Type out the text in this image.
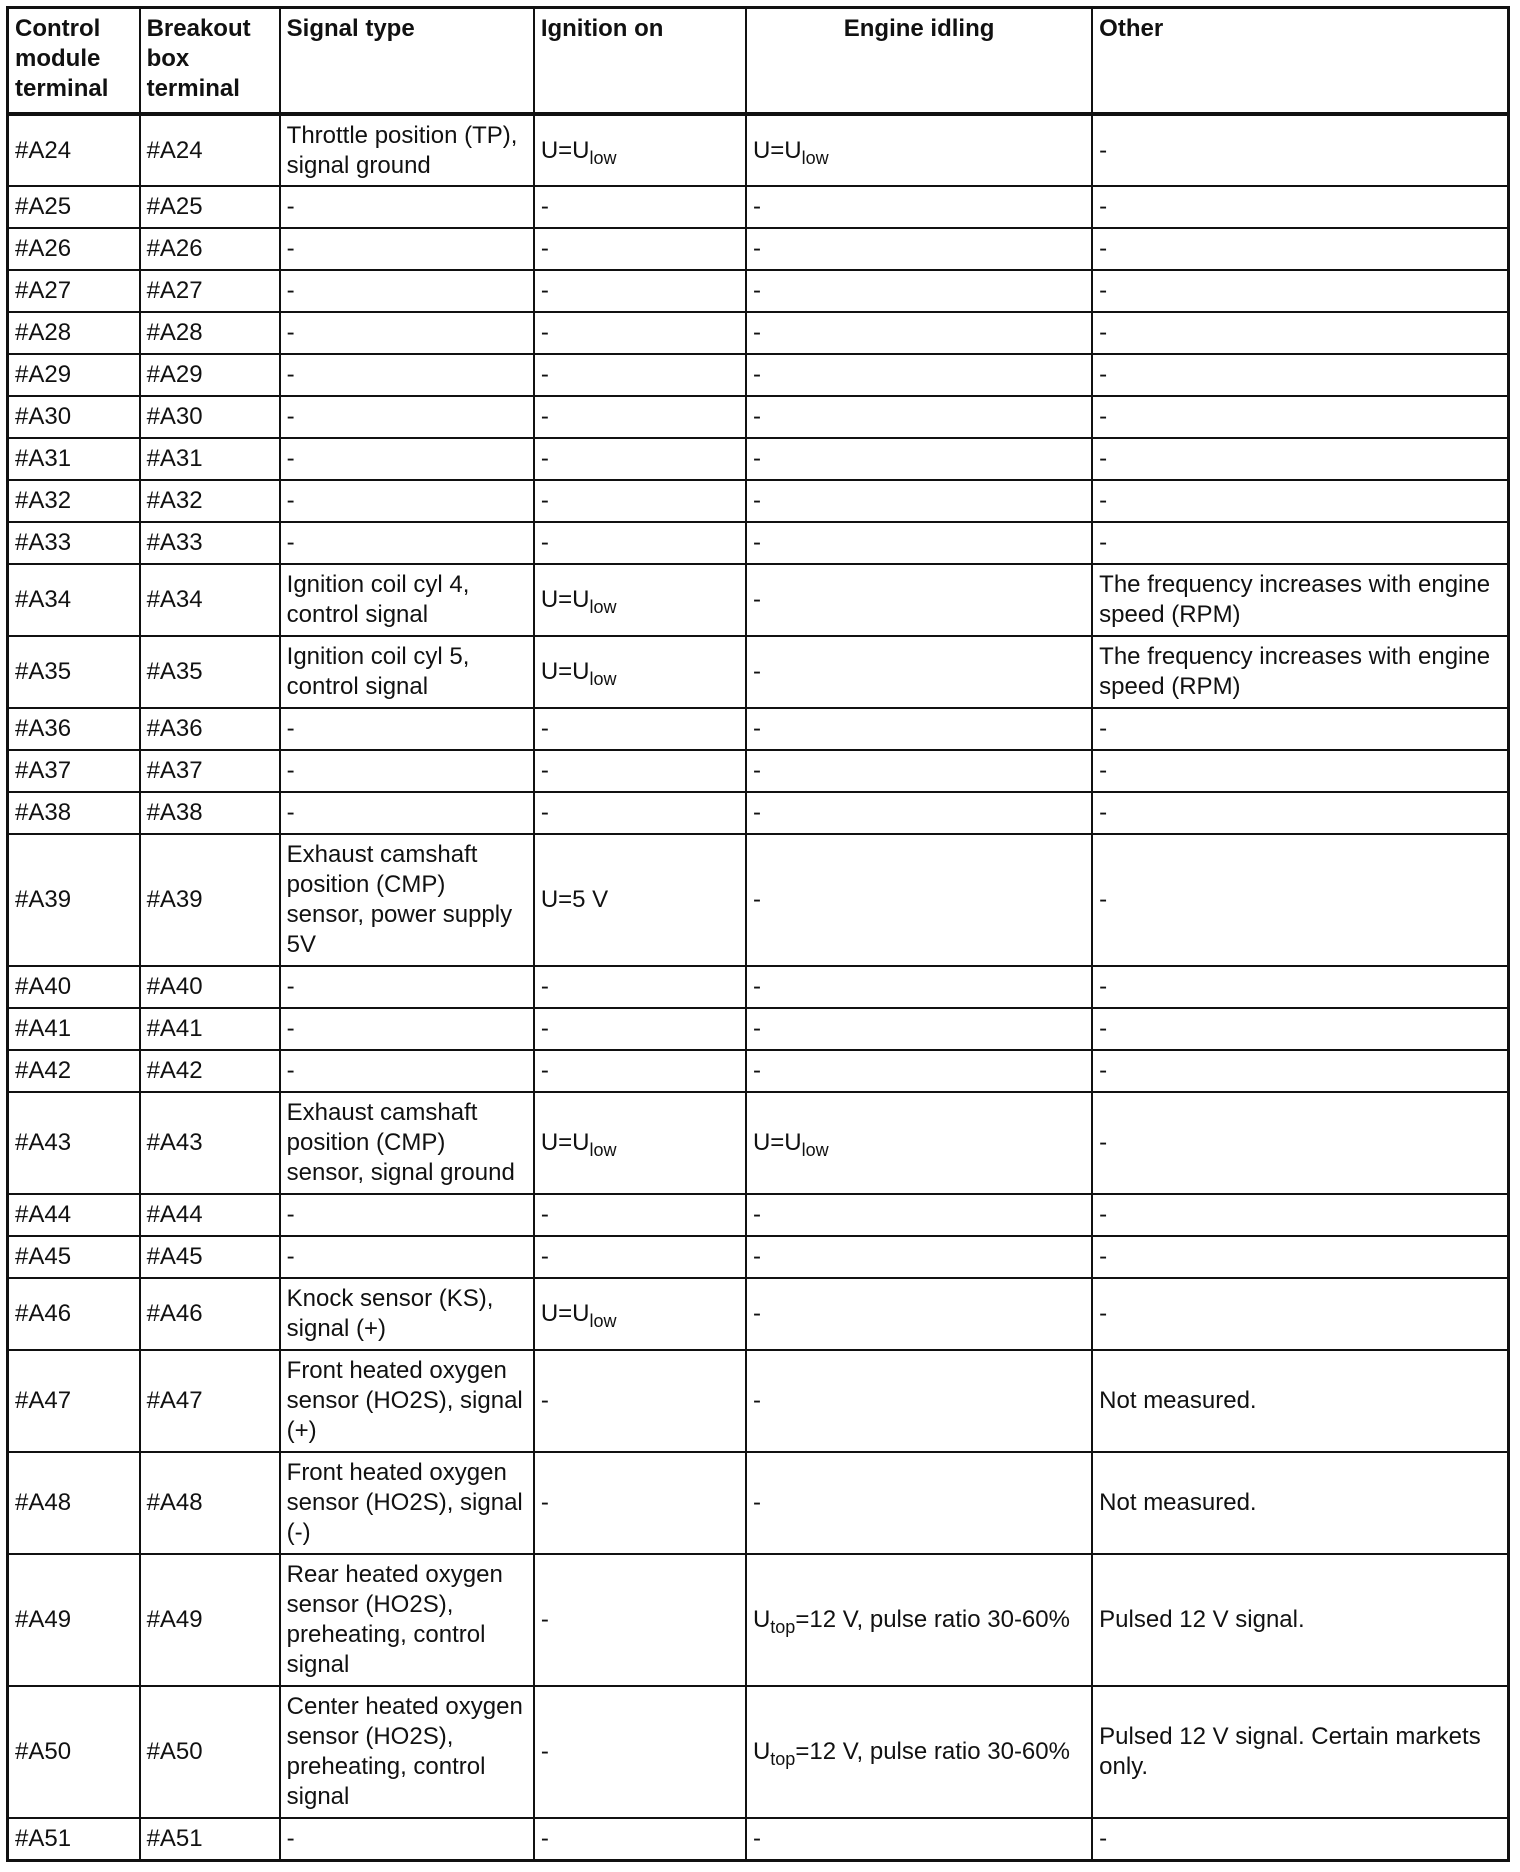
Control module terminal	Breakout box terminal	Signal type	Ignition on	Engine idling	Other
#A24	#A24	Throttle position (TP), signal ground	$U=U_{low}$	$U=U_{low}$	-
#A25	#A25	-	-	-	-
#A26	#A26	-	-	-	-
#A27	#A27	-	-	-	-
#A28	#A28	-	-	-	-
#A29	#A29	-	-	-	-
#A30	#A30	-	-	-	-
#A31	#A31	-	-	-	-
#A32	#A32	-	-	-	-
#A33	#A33	-	-	-	-
#A34	#A34	Ignition coil cyl 4, control signal	$U=U_{low}$	-	The frequency increases with engine speed (RPM)
#A35	#A35	Ignition coil cyl 5, control signal	$U=U_{low}$	-	The frequency increases with engine speed (RPM)
#A36	#A36	-	-	-	-
#A37	#A37	-	-	-	-
#A38	#A38	-	-	-	-
#A39	#A39	Exhaust camshaft position (CMP) sensor, power supply 5V	U=5 V	-	-
#A40	#A40	-	-	-	-
#A41	#A41	-	-	-	-
#A42	#A42	-	-	-	-
#A43	#A43	Exhaust camshaft position (CMP) sensor, signal ground	$U=U_{low}$	$U=U_{low}$	-
#A44	#A44	-	-	-	-
#A45	#A45	-	-	-	-
#A46	#A46	Knock sensor (KS), signal (+)	$U=U_{low}$	-	-
#A47	#A47	Front heated oxygen sensor (HO2S), signal (+)	-	-	Not measured.
#A48	#A48	Front heated oxygen sensor (HO2S), signal (-)	-	-	Not measured.
#A49	#A49	Rear heated oxygen sensor (HO2S), preheating, control signal	-	$U_{top}=12$ V, pulse ratio 30-60%	Pulsed 12 V signal.
#A50	#A50	Center heated oxygen sensor (HO2S), preheating, control signal	-	$U_{top}=12$ V, pulse ratio 30-60%	Pulsed 12 V signal. Certain markets only.
#A51	#A51	-	-	-	-
